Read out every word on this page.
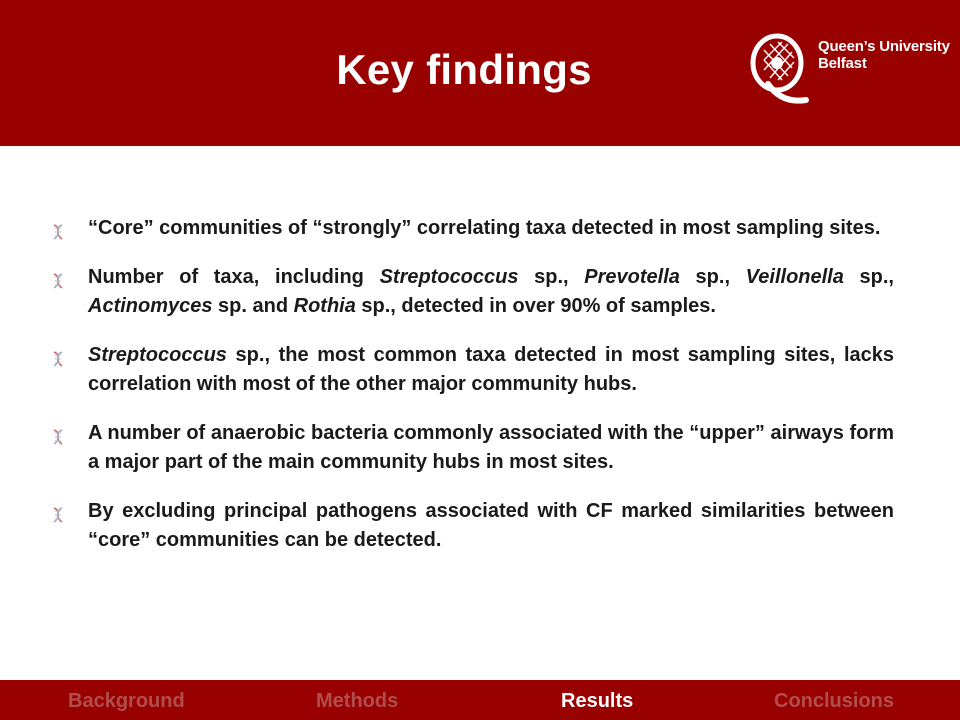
Key findings	Queen’s University
Belfast
“Core” communities of “strongly” correlating taxa detected in most sampling sites.
Number of taxa, including Streptococcus sp., Prevotella sp., Veillonella sp., Actinomyces sp. and Rothia sp., detected in over 90% of samples.
Streptococcus sp., the most common taxa detected in most sampling sites, lacks correlation with most of the other major community hubs.
A number of anaerobic bacteria commonly associated with the “upper” airways form a major part of the main community hubs in most sites.
By excluding principal pathogens associated with CF marked similarities between “core” communities can be detected.
Background	Methods	Results	Conclusions
